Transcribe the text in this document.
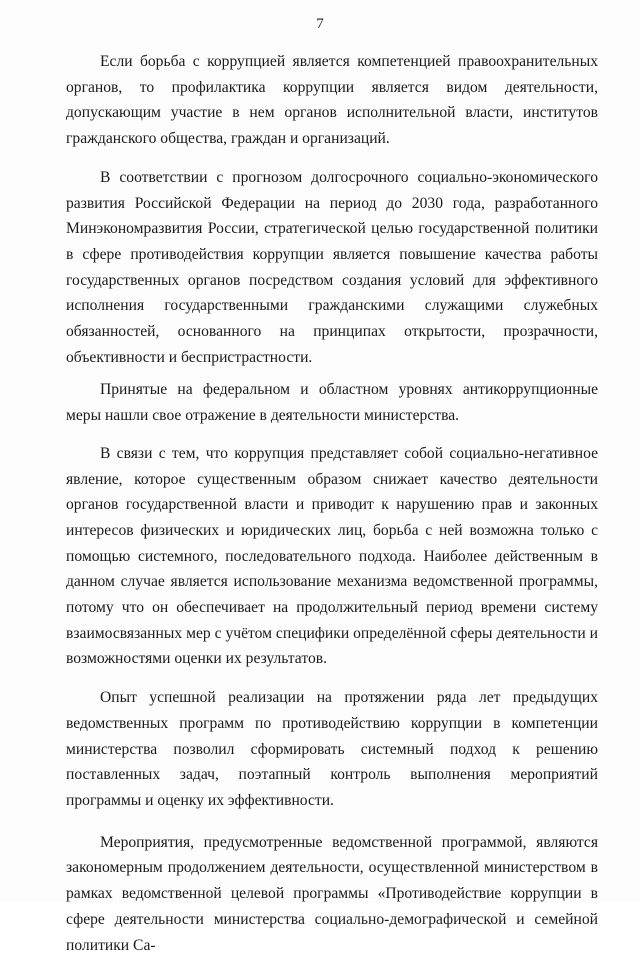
7

Если борьба с коррупцией является компетенцией правоохранительных органов, то профилактика коррупции является видом деятельности, допускающим участие в нем органов исполнительной власти, институтов гражданского общества, граждан и организаций.

В соответствии с прогнозом долгосрочного социально-экономического развития Российской Федерации на период до 2030 года, разработанного Минэкономразвития России, стратегической целью государственной политики в сфере противодействия коррупции является повышение качества работы государственных органов посредством создания условий для эффективного исполнения государственными гражданскими служащими служебных обязанностей, основанного на принципах открытости, прозрачности, объективности и беспристрастности.

Принятые на федеральном и областном уровнях антикоррупционные меры нашли свое отражение в деятельности министерства.

В связи с тем, что коррупция представляет собой социально-негативное явление, которое существенным образом снижает качество деятельности органов государственной власти и приводит к нарушению прав и законных интересов физических и юридических лиц, борьба с ней возможна только с помощью системного, последовательного подхода. Наиболее действенным в данном случае является использование механизма ведомственной программы, потому что он обеспечивает на продолжительный период времени систему взаимосвязанных мер с учётом специфики определённой сферы деятельности и возможностями оценки их результатов.

Опыт успешной реализации на протяжении ряда лет предыдущих ведомственных программ по противодействию коррупции в компетенции министерства позволил сформировать системный подход к решению поставленных задач, поэтапный контроль выполнения мероприятий программы и оценку их эффективности.

Мероприятия, предусмотренные ведомственной программой, являются закономерным продолжением деятельности, осуществленной министерством в рамках ведомственной целевой программы «Противодействие коррупции в сфере деятельности министерства социально-демографической и семейной политики Са-
